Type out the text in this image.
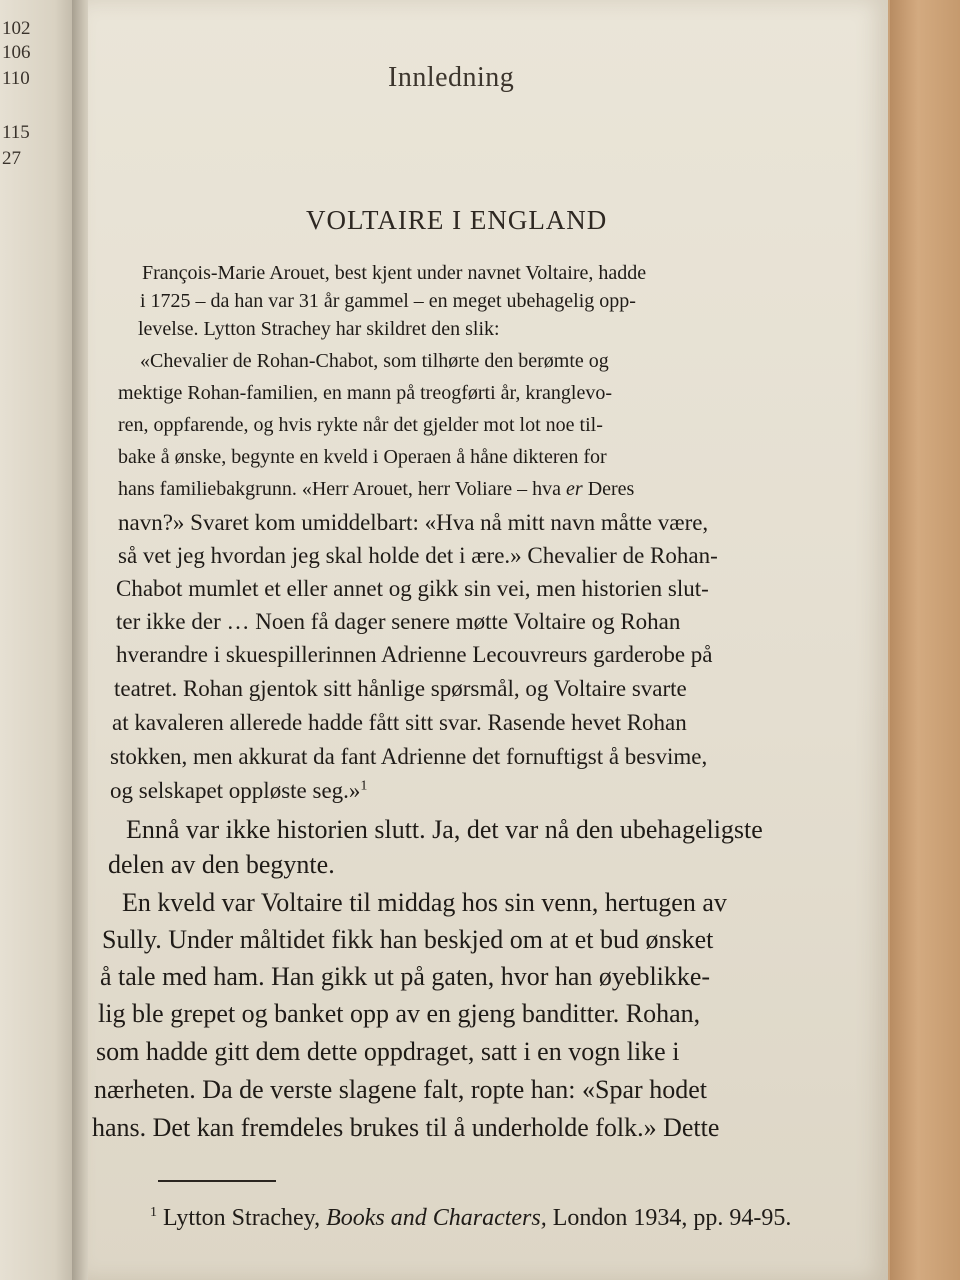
102
106
110
115
27
Innledning
VOLTAIRE I ENGLAND
François-Marie Arouet, best kjent under navnet Voltaire, hadde
i 1725 – da han var 31 år gammel – en meget ubehagelig opp-
levelse. Lytton Strachey har skildret den slik:
«Chevalier de Rohan-Chabot, som tilhørte den berømte og
mektige Rohan-familien, en mann på treogførti år, kranglevo-
ren, oppfarende, og hvis rykte når det gjelder mot lot noe til-
bake å ønske, begynte en kveld i Operaen å håne dikteren for
hans familiebakgrunn. «Herr Arouet, herr Voliare – hva er Deres
navn?» Svaret kom umiddelbart: «Hva nå mitt navn måtte være,
så vet jeg hvordan jeg skal holde det i ære.» Chevalier de Rohan-
Chabot mumlet et eller annet og gikk sin vei, men historien slut-
ter ikke der … Noen få dager senere møtte Voltaire og Rohan
hverandre i skuespillerinnen Adrienne Lecouvreurs garderobe på
teatret. Rohan gjentok sitt hånlige spørsmål, og Voltaire svarte
at kavaleren allerede hadde fått sitt svar. Rasende hevet Rohan
stokken, men akkurat da fant Adrienne det fornuftigst å besvime,
og selskapet oppløste seg.»$^1$
Ennå var ikke historien slutt. Ja, det var nå den ubehageligste
delen av den begynte.
En kveld var Voltaire til middag hos sin venn, hertugen av
Sully. Under måltidet fikk han beskjed om at et bud ønsket
å tale med ham. Han gikk ut på gaten, hvor han øyeblikke-
lig ble grepet og banket opp av en gjeng banditter. Rohan,
som hadde gitt dem dette oppdraget, satt i en vogn like i
nærheten. Da de verste slagene falt, ropte han: «Spar hodet
hans. Det kan fremdeles brukes til å underholde folk.» Dette
$^1$ Lytton Strachey, Books and Characters, London 1934, pp. 94-95.
